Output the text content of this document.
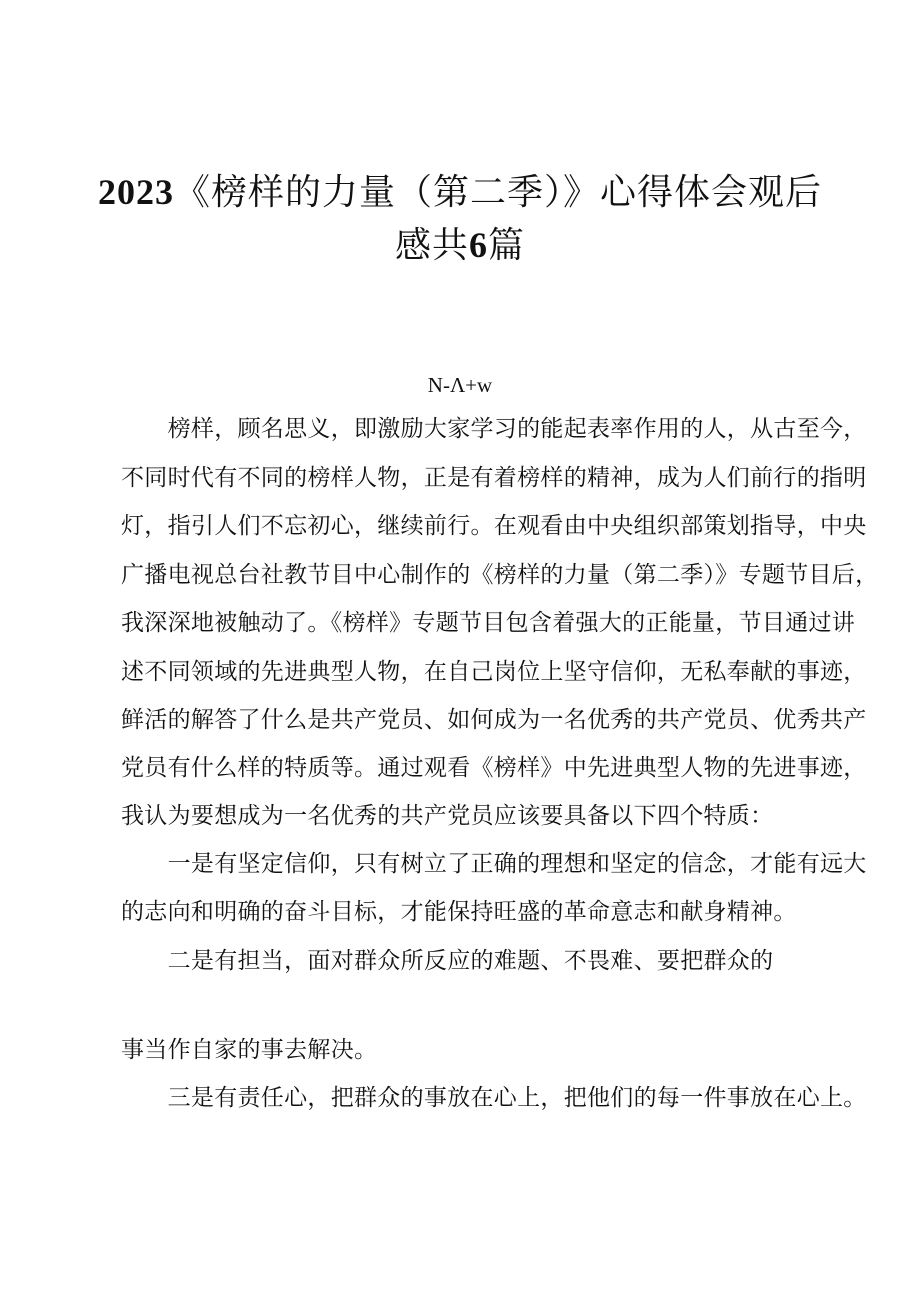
2023《榜样的力量（第二季）》心得体会观后
感共6篇
N-Λ+w
　　榜样，顾名思义，即激励大家学习的能起表率作用的人，从古至今，
不同时代有不同的榜样人物，正是有着榜样的精神，成为人们前行的指明
灯，指引人们不忘初心，继续前行。在观看由中央组织部策划指导，中央
广播电视总台社教节目中心制作的《榜样的力量（第二季）》专题节目后，
我深深地被触动了。《榜样》专题节目包含着强大的正能量，节目通过讲
述不同领域的先进典型人物，在自己岗位上坚守信仰，无私奉献的事迹，
鲜活的解答了什么是共产党员、如何成为一名优秀的共产党员、优秀共产
党员有什么样的特质等。通过观看《榜样》中先进典型人物的先进事迹，
我认为要想成为一名优秀的共产党员应该要具备以下四个特质：
　　一是有坚定信仰，只有树立了正确的理想和坚定的信念，才能有远大
的志向和明确的奋斗目标，才能保持旺盛的革命意志和献身精神。
　　二是有担当，面对群众所反应的难题、不畏难、要把群众的
事当作自家的事去解决。
　　三是有责任心，把群众的事放在心上，把他们的每一件事放在心上。
